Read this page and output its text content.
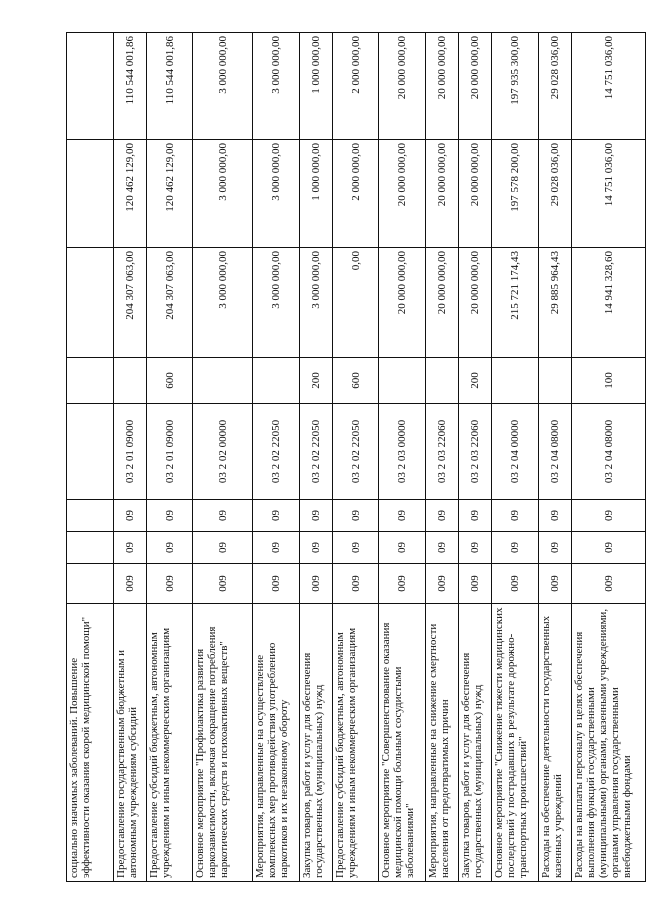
социально значимых заболеваний. Повышение эффективности оказания скорой медицинской помощи"								
Предоставление государственным бюджетным и автономным учреждениям субсидий	009	09	09	03 2 01 09000		204 307 063,00	120 462 129,00	110 544 001,86
Предоставление субсидий бюджетным, автономным учреждениям и иным некоммерческим организациям	009	09	09	03 2 01 09000	600	204 307 063,00	120 462 129,00	110 544 001,86
Основное мероприятие "Профилактика развития наркозависимости, включая сокращение потребления наркотических средств и психоактивных веществ"	009	09	09	03 2 02 00000		3 000 000,00	3 000 000,00	3 000 000,00
Мероприятия, направленные на осуществление комплексных мер противодействия употреблению наркотиков и их незаконному обороту	009	09	09	03 2 02 22050		3 000 000,00	3 000 000,00	3 000 000,00
Закупка товаров, работ и услуг для обеспечения государственных (муниципальных) нужд	009	09	09	03 2 02 22050	200	3 000 000,00	1 000 000,00	1 000 000,00
Предоставление субсидий бюджетным, автономным учреждениям и иным некоммерческим организациям	009	09	09	03 2 02 22050	600	0,00	2 000 000,00	2 000 000,00
Основное мероприятие "Совершенствование оказания медицинской помощи больным сосудистыми заболеваниями"	009	09	09	03 2 03 00000		20 000 000,00	20 000 000,00	20 000 000,00
Мероприятия, направленные на снижение смертности населения от предотвратимых причин	009	09	09	03 2 03 22060		20 000 000,00	20 000 000,00	20 000 000,00
Закупка товаров, работ и услуг для обеспечения государственных (муниципальных) нужд	009	09	09	03 2 03 22060	200	20 000 000,00	20 000 000,00	20 000 000,00
Основное мероприятие "Снижение тяжести медицинских последствий у пострадавших в результате дорожно-транспортных происшествий"	009	09	09	03 2 04 00000		215 721 174,43	197 578 200,00	197 935 300,00
Расходы на обеспечение деятельности государственных казенных учреждений	009	09	09	03 2 04 08000		29 885 964,43	29 028 036,00	29 028 036,00
Расходы на выплаты персоналу в целях обеспечения выполнения функций государственными (муниципальными) органами, казенными учреждениями, органами управления государственными внебюджетными фондами	009	09	09	03 2 04 08000	100	14 941 328,60	14 751 036,00	14 751 036,00
